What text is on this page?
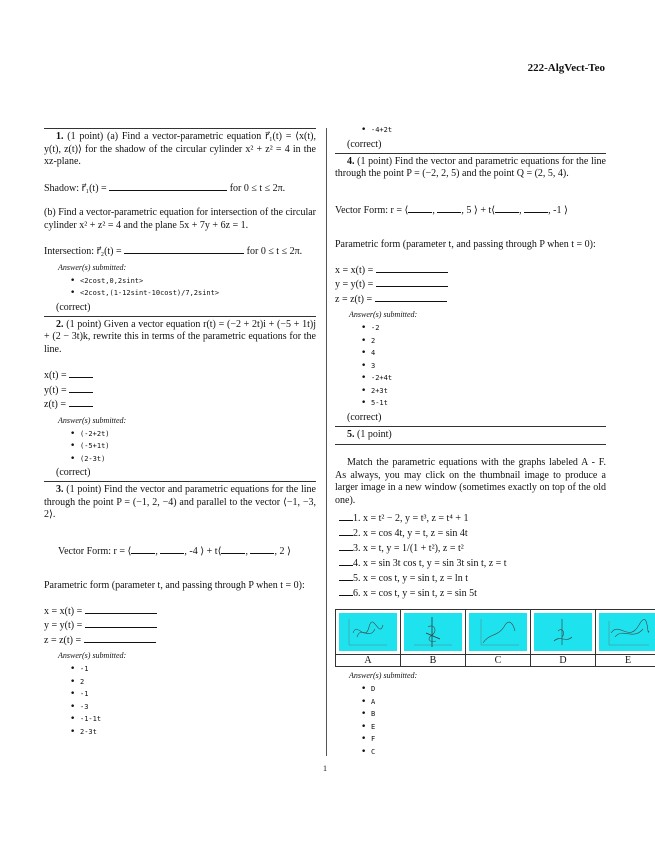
222-AlgVect-Teo
1

1. (1 point) (a) Find a vector-parametric equation r⃗₁(t) = ⟨x(t), y(t), z(t)⟩ for the shadow of the circular cylinder x² + z² = 4 in the xz-plane.

Shadow: r⃗₁(t) =	for 0 ≤ t ≤ 2π.

(b) Find a vector-parametric equation for intersection of the circular cylinder x² + z² = 4 and the plane 5x + 7y + 6z = 1.

Intersection: r⃗₂(t) =	for 0 ≤ t ≤ 2π.
Answer(s) submitted:
• <2cost,0,2sint>
• <2cost,(1-12sint-10cost)/7,2sint>
(correct)

2. (1 point) Given a vector equation r(t) = (−2 + 2t)i + (−5 + 1t)j + (2 − 3t)k, rewrite this in terms of the parametric equations for the line.

x(t) =
y(t) =
z(t) =
Answer(s) submitted:
• (-2+2t)
• (-5+1t)
• (2-3t)
(correct)

3. (1 point) Find the vector and parametric equations for the line through the point P = (−1, 2, −4) and parallel to the vector ⟨−1, −3, 2⟩.

Vector Form: r = ⟨ , , -4 ⟩ + t⟨ , , 2 ⟩

Parametric form (parameter t, and passing through P when t = 0):

x = x(t) =
y = y(t) =
z = z(t) =
Answer(s) submitted:
• -1
• 2
• -1
• -3
• -1-1t
• 2-3t
• -4+2t
(correct)

4. (1 point) Find the vector and parametric equations for the line through the point P = (−2, 2, 5) and the point Q = (2, 5, 4).

Vector Form: r = ⟨ , , 5 ⟩ + t⟨ , , -1 ⟩

Parametric form (parameter t, and passing through P when t = 0):

x = x(t) =
y = y(t) =
z = z(t) =
Answer(s) submitted:
• -2
• 2
• 4
• 3
• -2+4t
• 2+3t
• 5-1t
(correct)

5. (1 point)

Match the parametric equations with the graphs labeled A - F. As always, you may click on the thumbnail image to produce a larger image in a new window (sometimes exactly on top of the old one).

1. x = t² − 2, y = t³, z = t⁴ + 1
2. x = cos 4t, y = t, z = sin 4t
3. x = t, y = 1/(1 + t²), z = t²
4. x = sin 3t cos t, y = sin 3t sin t, z = t
5. x = cos t, y = sin t, z = ln t
6. x = cos t, y = sin t, z = sin 5t

A	B	C	D	E
Answer(s) submitted:
• D
• A
• B
• E
• F
• C
